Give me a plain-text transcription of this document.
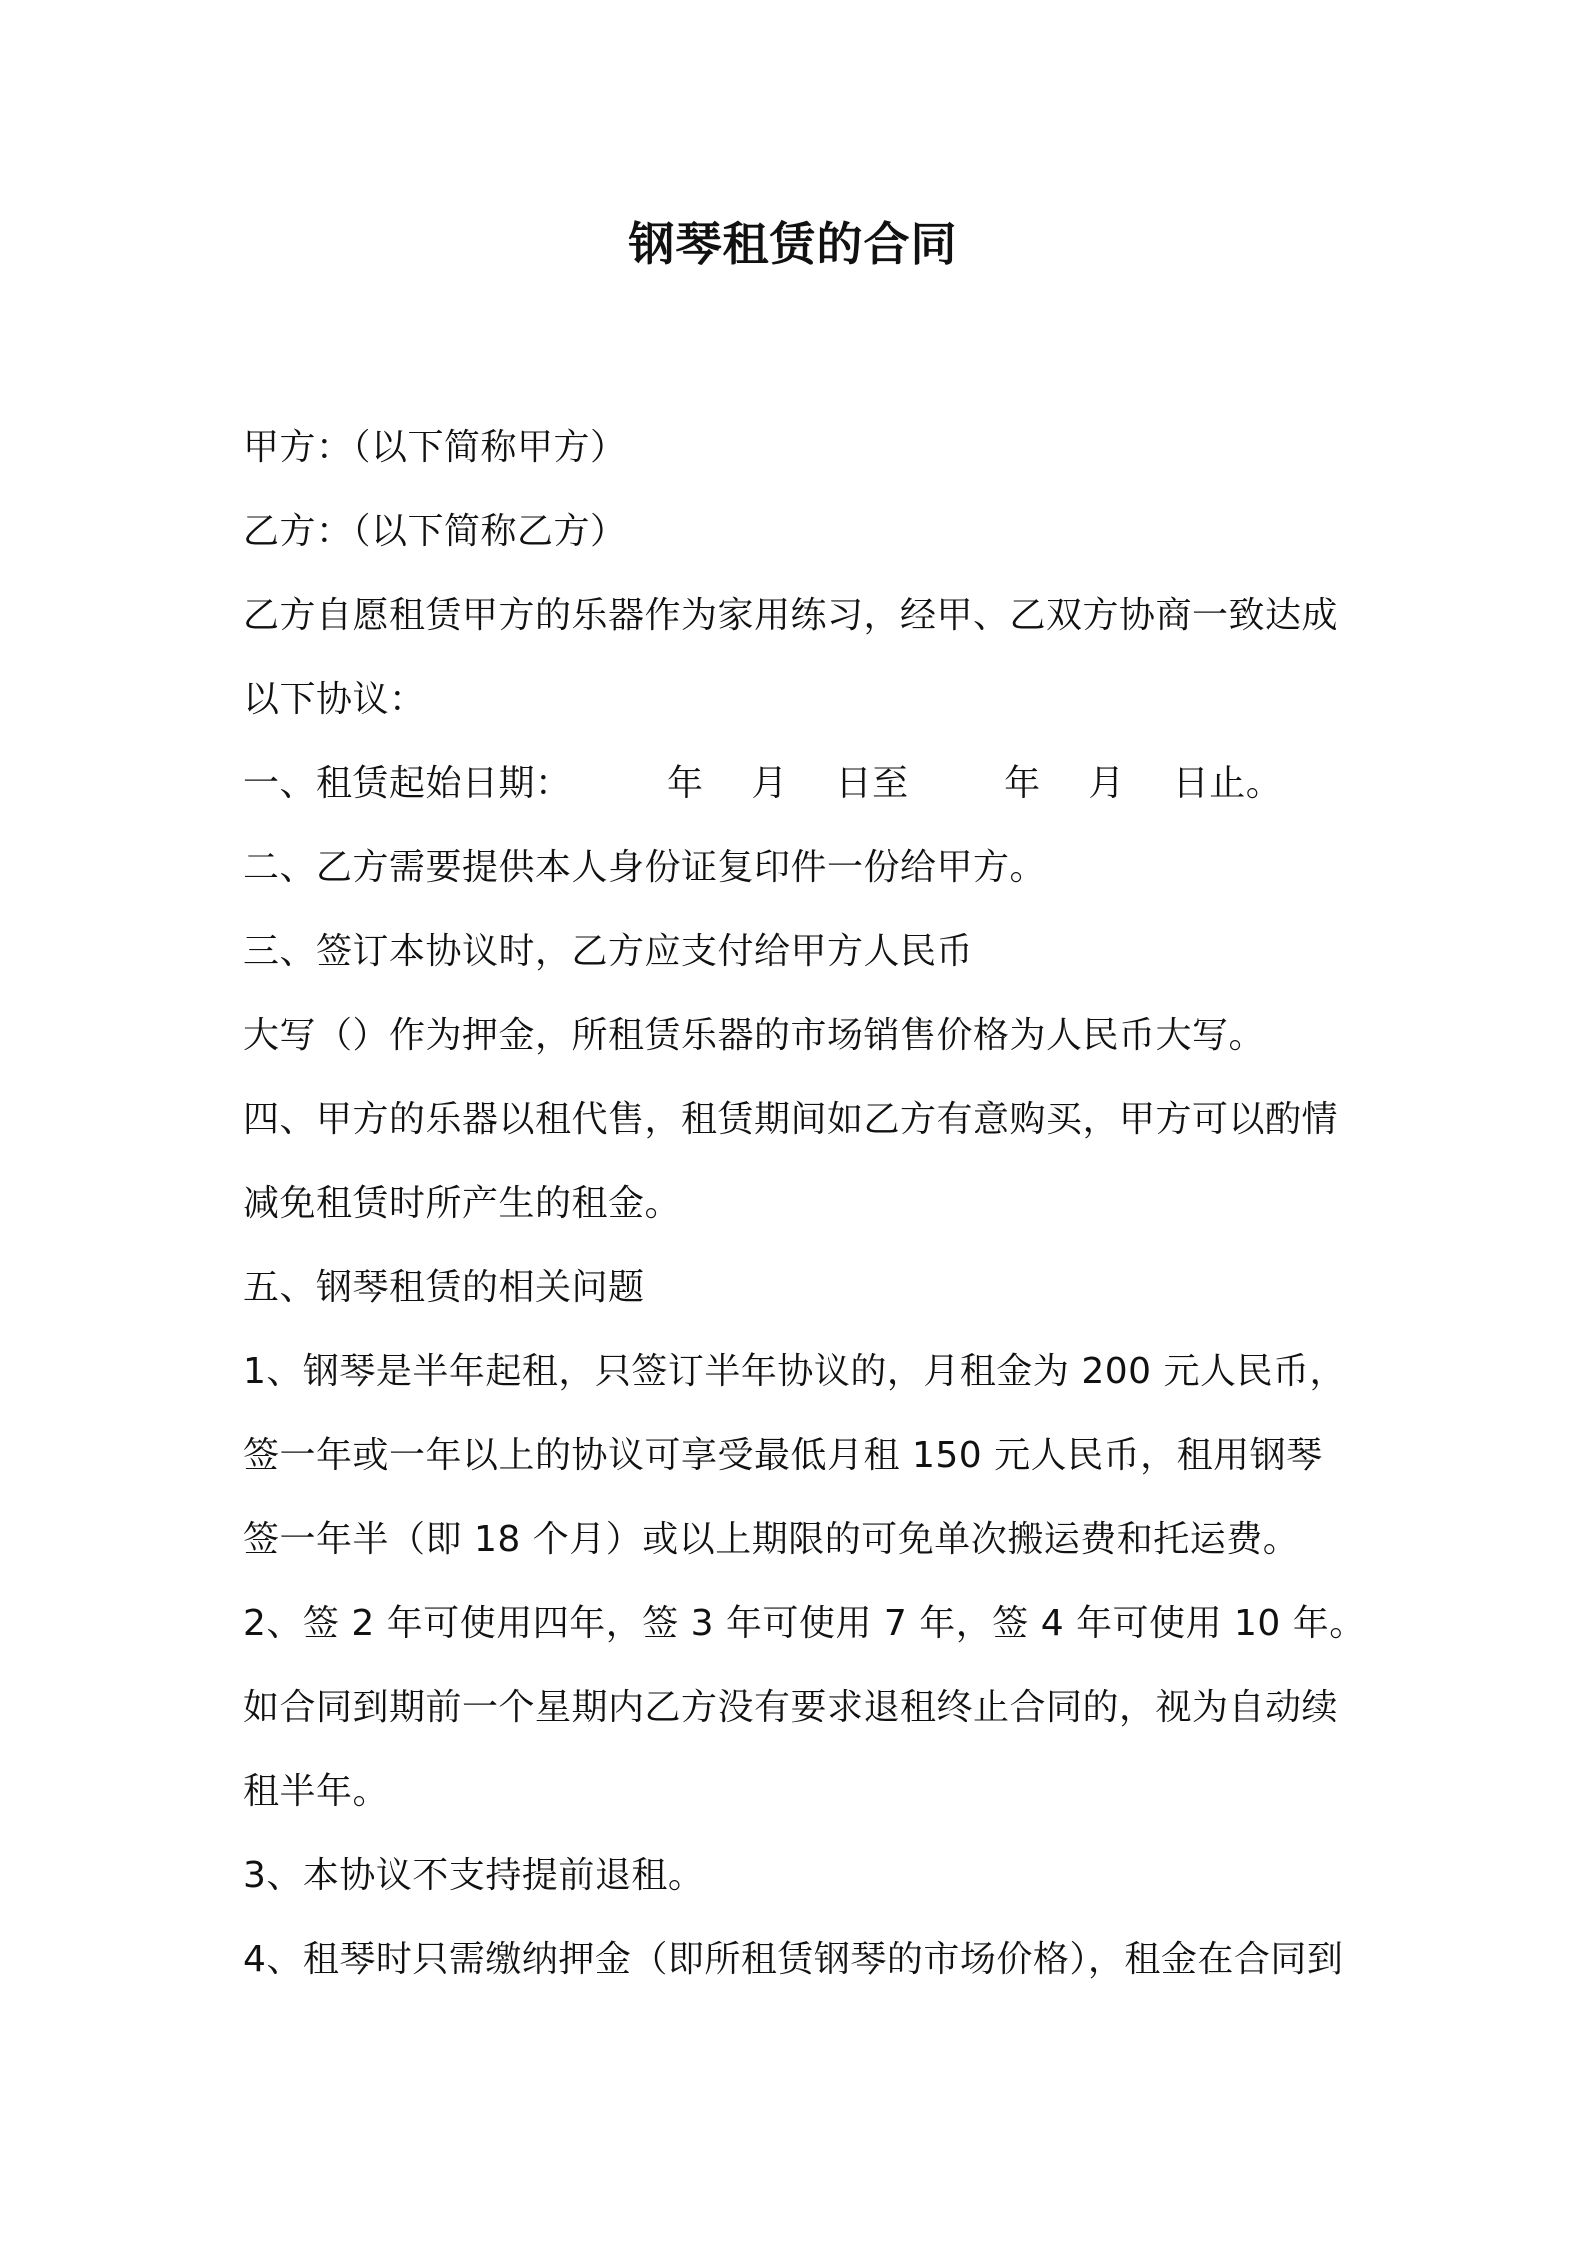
钢琴租赁的合同
甲方：（以下简称甲方）
乙方：（以下简称乙方）
乙方自愿租赁甲方的乐器作为家用练习，经甲、乙双方协商一致达成
以下协议：
一、租赁起始日期：        年    月    日至        年    月    日止。
二、乙方需要提供本人身份证复印件一份给甲方。
三、签订本协议时，乙方应支付给甲方人民币
大写（）作为押金，所租赁乐器的市场销售价格为人民币大写。
四、甲方的乐器以租代售，租赁期间如乙方有意购买，甲方可以酌情
减免租赁时所产生的租金。
五、钢琴租赁的相关问题
1、钢琴是半年起租，只签订半年协议的，月租金为 200 元人民币，
签一年或一年以上的协议可享受最低月租 150 元人民币，租用钢琴
签一年半（即 18 个月）或以上期限的可免单次搬运费和托运费。
2、签 2 年可使用四年，签 3 年可使用 7 年，签 4 年可使用 10 年。
如合同到期前一个星期内乙方没有要求退租终止合同的，视为自动续
租半年。
3、本协议不支持提前退租。
4、租琴时只需缴纳押金（即所租赁钢琴的市场价格），租金在合同到
